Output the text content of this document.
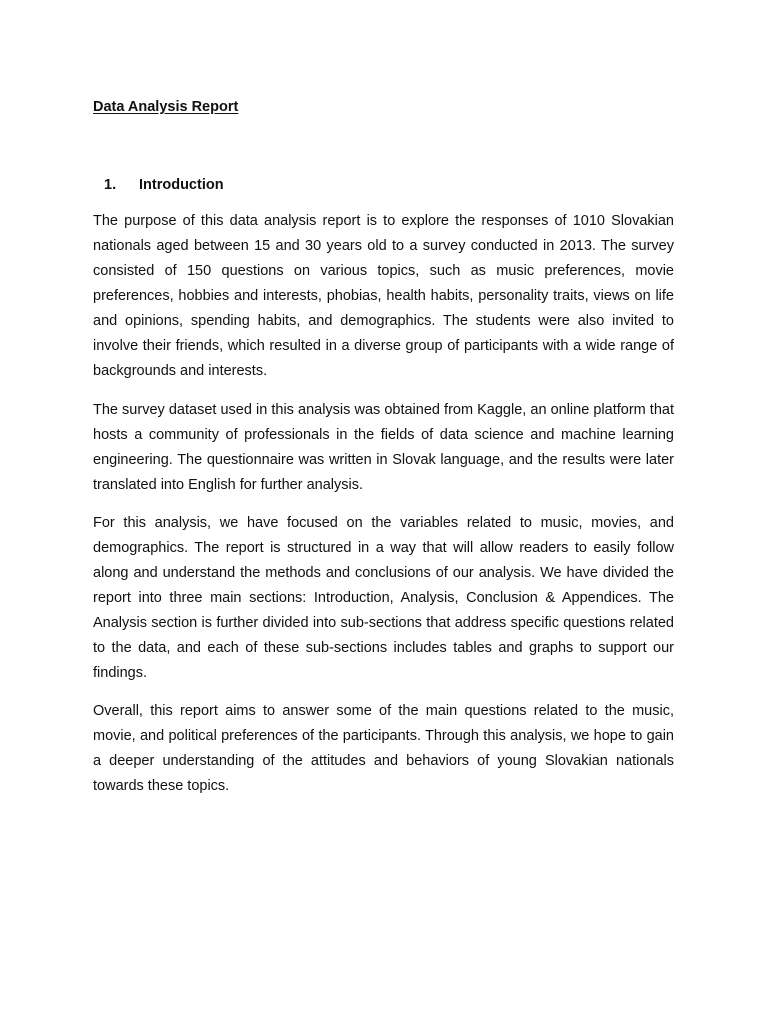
Data Analysis Report
1. Introduction

The purpose of this data analysis report is to explore the responses of 1010 Slovakian nationals aged between 15 and 30 years old to a survey conducted in 2013. The survey consisted of 150 questions on various topics, such as music preferences, movie preferences, hobbies and interests, phobias, health habits, personality traits, views on life and opinions, spending habits, and demographics. The students were also invited to involve their friends, which resulted in a diverse group of participants with a wide range of backgrounds and interests.

The survey dataset used in this analysis was obtained from Kaggle, an online platform that hosts a community of professionals in the fields of data science and machine learning engineering. The questionnaire was written in Slovak language, and the results were later translated into English for further analysis.

For this analysis, we have focused on the variables related to music, movies, and demographics. The report is structured in a way that will allow readers to easily follow along and understand the methods and conclusions of our analysis. We have divided the report into three main sections: Introduction, Analysis, Conclusion & Appendices. The Analysis section is further divided into sub-sections that address specific questions related to the data, and each of these sub-sections includes tables and graphs to support our findings.

Overall, this report aims to answer some of the main questions related to the music, movie, and political preferences of the participants. Through this analysis, we hope to gain a deeper understanding of the attitudes and behaviors of young Slovakian nationals towards these topics.
